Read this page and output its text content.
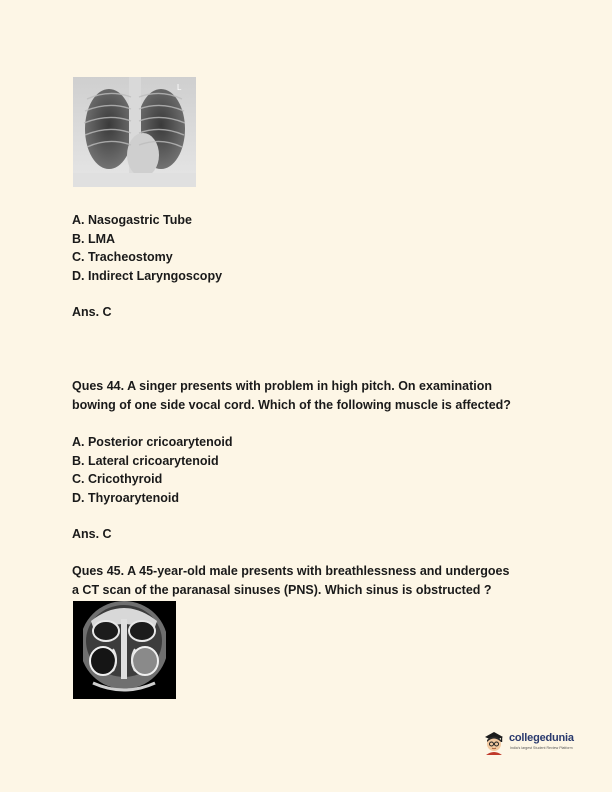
L

A. Nasogastric Tube

B. LMA

C. Tracheostomy

D. Indirect Laryngoscopy

Ans. C

Ques 44. A singer presents with problem in high pitch. On examination

bowing of one side vocal cord. Which of the following muscle is affected?

A. Posterior cricoarytenoid

B. Lateral cricoarytenoid

C. Cricothyroid

D. Thyroarytenoid

Ans. C

Ques 45. A 45-year-old male presents with breathlessness and undergoes

a CT scan of the paranasal sinuses (PNS). Which sinus is obstructed ?

collegedunia
India's largest Student Review Platform
